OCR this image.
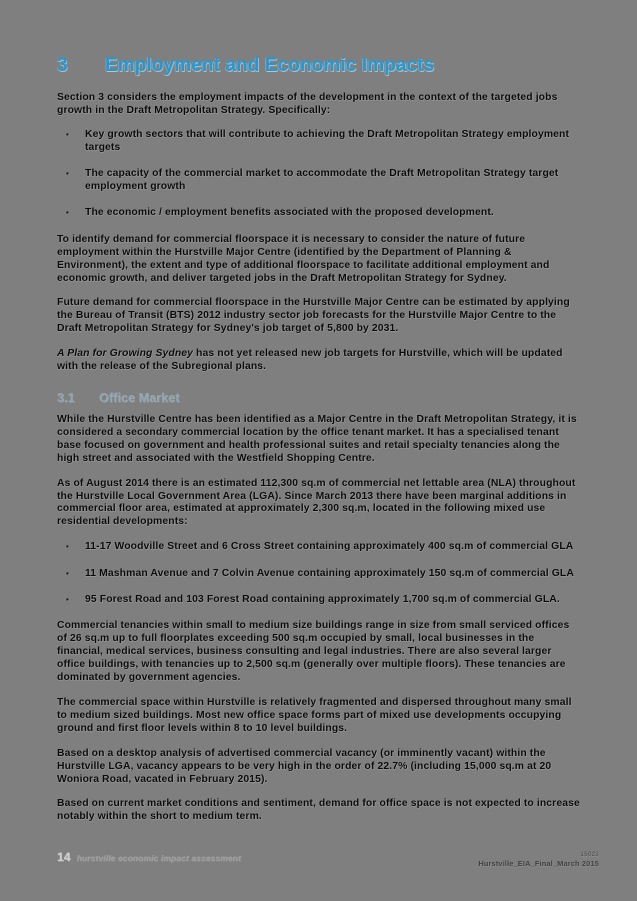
3 Employment and Economic Impacts

Section 3 considers the employment impacts of the development in the context of the targeted jobs growth in the Draft Metropolitan Strategy. Specifically:

▪ Key growth sectors that will contribute to achieving the Draft Metropolitan Strategy employment targets
▪ The capacity of the commercial market to accommodate the Draft Metropolitan Strategy target employment growth
▪ The economic / employment benefits associated with the proposed development.

To identify demand for commercial floorspace it is necessary to consider the nature of future employment within the Hurstville Major Centre (identified by the Department of Planning & Environment), the extent and type of additional floorspace to facilitate additional employment and economic growth, and deliver targeted jobs in the Draft Metropolitan Strategy for Sydney.

Future demand for commercial floorspace in the Hurstville Major Centre can be estimated by applying the Bureau of Transit (BTS) 2012 industry sector job forecasts for the Hurstville Major Centre to the Draft Metropolitan Strategy for Sydney's job target of 5,800 by 2031.

A Plan for Growing Sydney has not yet released new job targets for Hurstville, which will be updated with the release of the Subregional plans.

3.1 Office Market

While the Hurstville Centre has been identified as a Major Centre in the Draft Metropolitan Strategy, it is considered a secondary commercial location by the office tenant market. It has a specialised tenant base focused on government and health professional suites and retail specialty tenancies along the high street and associated with the Westfield Shopping Centre.

As of August 2014 there is an estimated 112,300 sq.m of commercial net lettable area (NLA) throughout the Hurstville Local Government Area (LGA). Since March 2013 there have been marginal additions in commercial floor area, estimated at approximately 2,300 sq.m, located in the following mixed use residential developments:

▪ 11-17 Woodville Street and 6 Cross Street containing approximately 400 sq.m of commercial GLA
▪ 11 Mashman Avenue and 7 Colvin Avenue containing approximately 150 sq.m of commercial GLA
▪ 95 Forest Road and 103 Forest Road containing approximately 1,700 sq.m of commercial GLA.

Commercial tenancies within small to medium size buildings range in size from small serviced offices of 26 sq.m up to full floorplates exceeding 500 sq.m occupied by small, local businesses in the financial, medical services, business consulting and legal industries. There are also several larger office buildings, with tenancies up to 2,500 sq.m (generally over multiple floors). These tenancies are dominated by government agencies.

The commercial space within Hurstville is relatively fragmented and dispersed throughout many small to medium sized buildings. Most new office space forms part of mixed use developments occupying ground and first floor levels within 8 to 10 level buildings.

Based on a desktop analysis of advertised commercial vacancy (or imminently vacant) within the Hurstville LGA, vacancy appears to be very high in the order of 22.7% (including 15,000 sq.m at 20 Woniora Road, vacated in February 2015).

Based on current market conditions and sentiment, demand for office space is not expected to increase notably within the short to medium term.

14 hurstville economic impact assessment	15023
Hurstville_EIA_Final_March 2015
